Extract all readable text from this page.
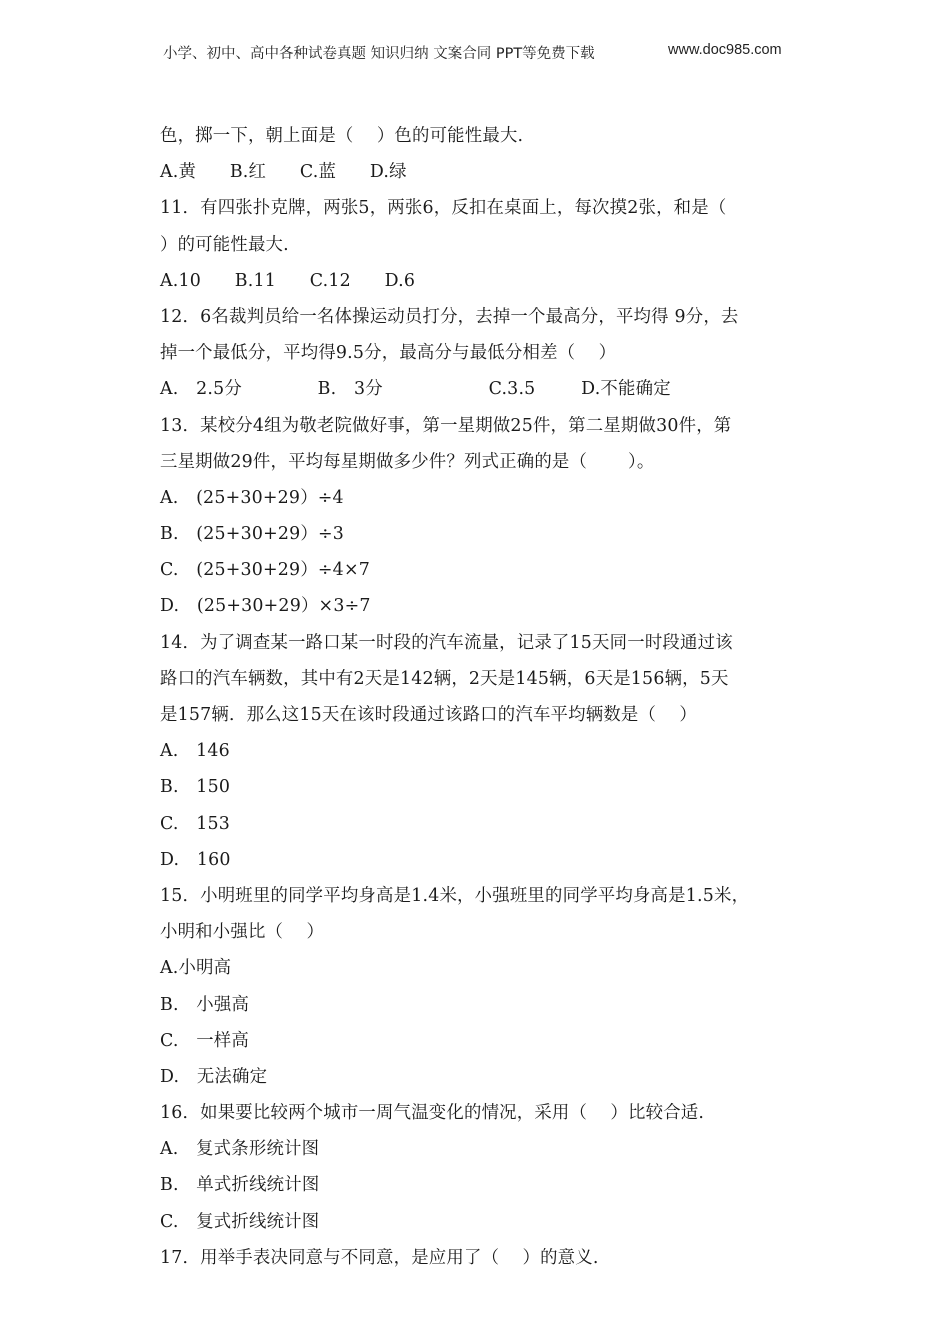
小学、初中、高中各种试卷真题 知识归纳 文案合同 PPT等免费下载	www.doc985.com
色，掷一下，朝上面是（　 ）色的可能性最大.
A.黄 B.红 C.蓝 D.绿
11．有四张扑克牌，两张5，两张6，反扣在桌面上，每次摸2张，和是（
）的可能性最大.
A.10 B.11 C.12 D.6
12．6名裁判员给一名体操运动员打分，去掉一个最高分，平均得 9分，去
掉一个最低分，平均得9.5分，最高分与最低分相差（　 ）
A.　2.5分	B.　3分	C.3.5	D.不能确定
13．某校分4组为敬老院做好事，第一星期做25件，第二星期做30件，第
三星期做29件，平均每星期做多少件？列式正确的是（　　 ）。
A.　(25+30+29）÷4
B.　(25+30+29）÷3
C.　(25+30+29）÷4×7
D.　(25+30+29）×3÷7
14．为了调查某一路口某一时段的汽车流量，记录了15天同一时段通过该
路口的汽车辆数，其中有2天是142辆，2天是145辆，6天是156辆，5天
是157辆．那么这15天在该时段通过该路口的汽车平均辆数是（　 ）
A.　146
B.　150
C.　153
D.　160
15．小明班里的同学平均身高是1.4米，小强班里的同学平均身高是1.5米，
小明和小强比（　 ）
A.小明高
B.　小强高
C.　一样高
D.　无法确定
16．如果要比较两个城市一周气温变化的情况，采用（　 ）比较合适.
A.　复式条形统计图
B.　单式折线统计图
C.　复式折线统计图
17．用举手表决同意与不同意，是应用了（　 ）的意义.
